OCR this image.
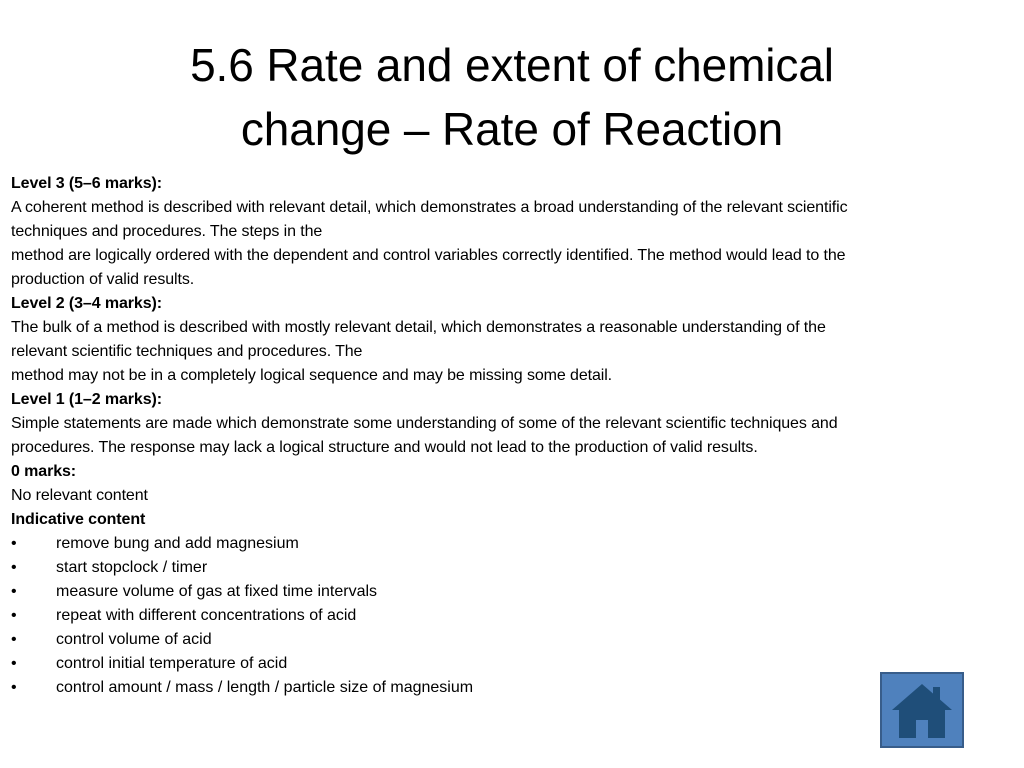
5.6 Rate and extent of chemical
change – Rate of Reaction
Level 3 (5–6 marks):
A coherent method is described with relevant detail, which demonstrates a broad understanding of the relevant scientific
techniques and procedures. The steps in the
method are logically ordered with the dependent and control variables correctly identified. The method would lead to the
production of valid results.
Level 2 (3–4 marks):
The bulk of a method is described with mostly relevant detail, which demonstrates a reasonable understanding of the
relevant scientific techniques and procedures. The
method may not be in a completely logical sequence and may be missing some detail.
Level 1 (1–2 marks):
Simple statements are made which demonstrate some understanding of some of the relevant scientific techniques and
procedures. The response may lack a logical structure and would not lead to the production of valid results.
0 marks:
No relevant content
Indicative content
• remove bung and add magnesium
• start stopclock / timer
• measure volume of gas at fixed time intervals
• repeat with different concentrations of acid
• control volume of acid
• control initial temperature of acid
• control amount / mass / length / particle size of magnesium
